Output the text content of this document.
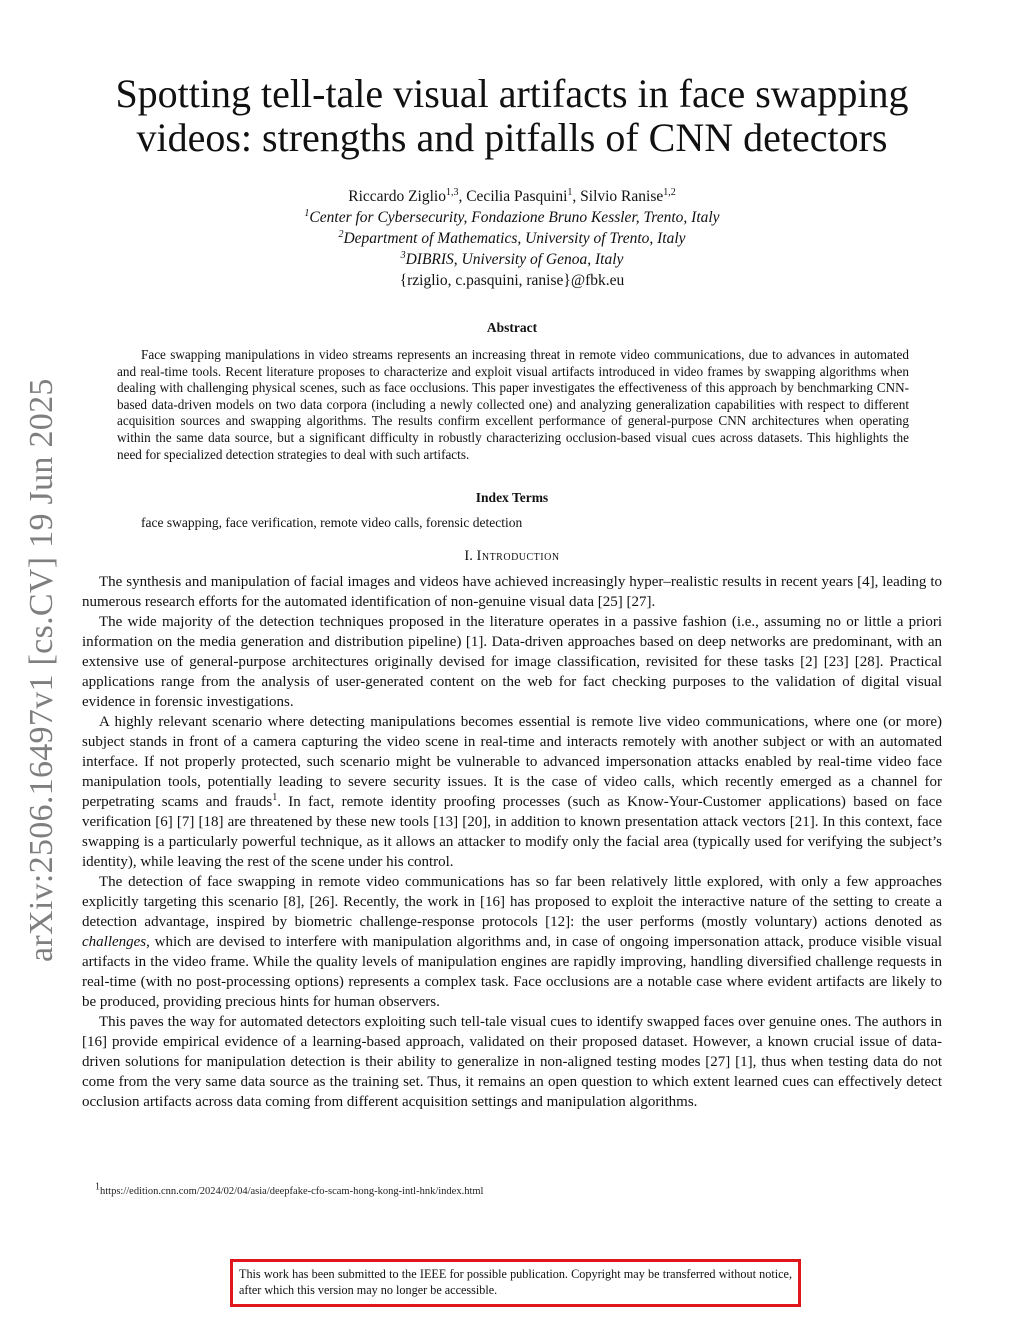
arXiv:2506.16497v1 [cs.CV] 19 Jun 2025
Spotting tell-tale visual artifacts in face swapping
videos: strengths and pitfalls of CNN detectors
Riccardo Ziglio$^{1,3}$, Cecilia Pasquini$^1$, Silvio Ranise$^{1,2}$
$^1$Center for Cybersecurity, Fondazione Bruno Kessler, Trento, Italy
$^2$Department of Mathematics, University of Trento, Italy
$^3$DIBRIS, University of Genoa, Italy
{rziglio, c.pasquini, ranise}@fbk.eu
Abstract

Face swapping manipulations in video streams represents an increasing threat in remote video communications, due to advances in automated and real-time tools. Recent literature proposes to characterize and exploit visual artifacts introduced in video frames by swapping algorithms when dealing with challenging physical scenes, such as face occlusions. This paper investigates the effectiveness of this approach by benchmarking CNN-based data-driven models on two data corpora (including a newly collected one) and analyzing generalization capabilities with respect to different acquisition sources and swapping algorithms. The results confirm excellent performance of general-purpose CNN architectures when operating within the same data source, but a significant difficulty in robustly characterizing occlusion-based visual cues across datasets. This highlights the need for specialized detection strategies to deal with such artifacts.

Index Terms

face swapping, face verification, remote video calls, forensic detection

I. Introduction

The synthesis and manipulation of facial images and videos have achieved increasingly hyper–realistic results in recent years [4], leading to numerous research efforts for the automated identification of non-genuine visual data [25] [27].

The wide majority of the detection techniques proposed in the literature operates in a passive fashion (i.e., assuming no or little a priori information on the media generation and distribution pipeline) [1]. Data-driven approaches based on deep networks are predominant, with an extensive use of general-purpose architectures originally devised for image classification, revisited for these tasks [2] [23] [28]. Practical applications range from the analysis of user-generated content on the web for fact checking purposes to the validation of digital visual evidence in forensic investigations.

A highly relevant scenario where detecting manipulations becomes essential is remote live video communications, where one (or more) subject stands in front of a camera capturing the video scene in real-time and interacts remotely with another subject or with an automated interface. If not properly protected, such scenario might be vulnerable to advanced impersonation attacks enabled by real-time video face manipulation tools, potentially leading to severe security issues. It is the case of video calls, which recently emerged as a channel for perpetrating scams and frauds$^1$. In fact, remote identity proofing processes (such as Know-Your-Customer applications) based on face verification [6] [7] [18] are threatened by these new tools [13] [20], in addition to known presentation attack vectors [21]. In this context, face swapping is a particularly powerful technique, as it allows an attacker to modify only the facial area (typically used for verifying the subject’s identity), while leaving the rest of the scene under his control.

The detection of face swapping in remote video communications has so far been relatively little explored, with only a few approaches explicitly targeting this scenario [8], [26]. Recently, the work in [16] has proposed to exploit the interactive nature of the setting to create a detection advantage, inspired by biometric challenge-response protocols [12]: the user performs (mostly voluntary) actions denoted as challenges, which are devised to interfere with manipulation algorithms and, in case of ongoing impersonation attack, produce visible visual artifacts in the video frame. While the quality levels of manipulation engines are rapidly improving, handling diversified challenge requests in real-time (with no post-processing options) represents a complex task. Face occlusions are a notable case where evident artifacts are likely to be produced, providing precious hints for human observers.

This paves the way for automated detectors exploiting such tell-tale visual cues to identify swapped faces over genuine ones. The authors in [16] provide empirical evidence of a learning-based approach, validated on their proposed dataset. However, a known crucial issue of data-driven solutions for manipulation detection is their ability to generalize in non-aligned testing modes [27] [1], thus when testing data do not come from the very same data source as the training set. Thus, it remains an open question to which extent learned cues can effectively detect occlusion artifacts across data coming from different acquisition settings and manipulation algorithms.

$^1$https://edition.cnn.com/2024/02/04/asia/deepfake-cfo-scam-hong-kong-intl-hnk/index.html
This work has been submitted to the IEEE for possible publication. Copyright may be transferred without notice, after which this version may no longer be accessible.
